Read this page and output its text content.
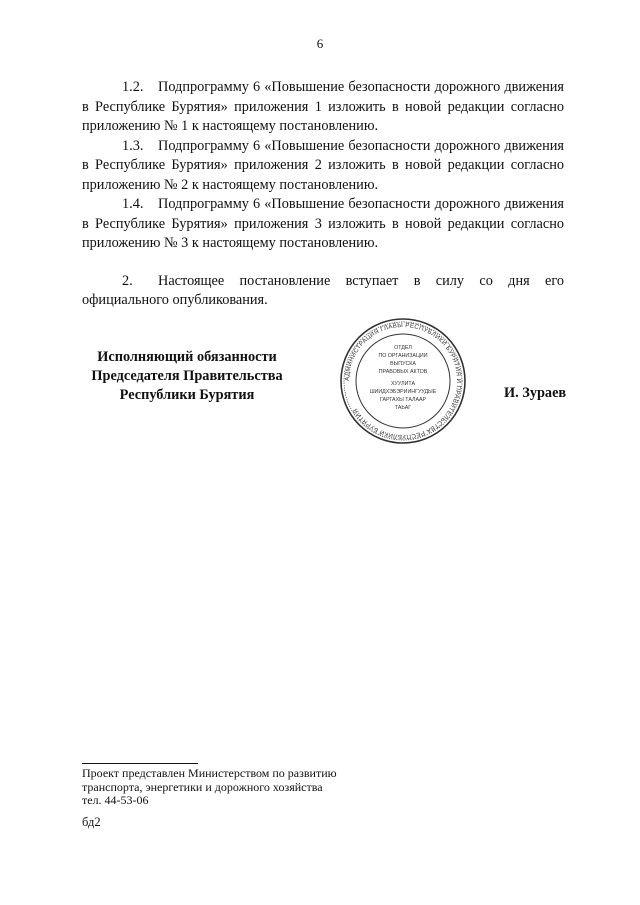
6

1.2. Подпрограмму 6 «Повышение безопасности дорожного движения в Республике Бурятия» приложения 1 изложить в новой редакции согласно приложению № 1 к настоящему постановлению.

1.3. Подпрограмму 6 «Повышение безопасности дорожного движения в Республике Бурятия» приложения 2 изложить в новой редакции согласно приложению № 2 к настоящему постановлению.

1.4. Подпрограмму 6 «Повышение безопасности дорожного движения в Республике Бурятия» приложения 3 изложить в новой редакции согласно приложению № 3 к настоящему постановлению.

2. Настоящее постановление вступает в силу со дня его официального опубликования.

Исполняющий обязанности
Председателя Правительства
Республики Бурятия
АДМИНИСТРАЦИЯ ГЛАВЫ РЕСПУБЛИКИ БУРЯТИЯ И ПРАВИТЕЛЬСТВА РЕСПУБЛИКИ БУРЯТИЯ
ОТДЕЛ
ПО ОРГАНИЗАЦИИ
ВЫПУСКА
ПРАВОВЫХ АКТОВ
ХУУЛИТА
ШИИДХЭБЭРИИНГУУДЫЕ
ГАРГАХЫ ТАЛААР
ТАЬАГ
И. Зураев
Проект представлен Министерством по развитию
транспорта, энергетики и дорожного хозяйства
тел. 44-53-06
бд2
